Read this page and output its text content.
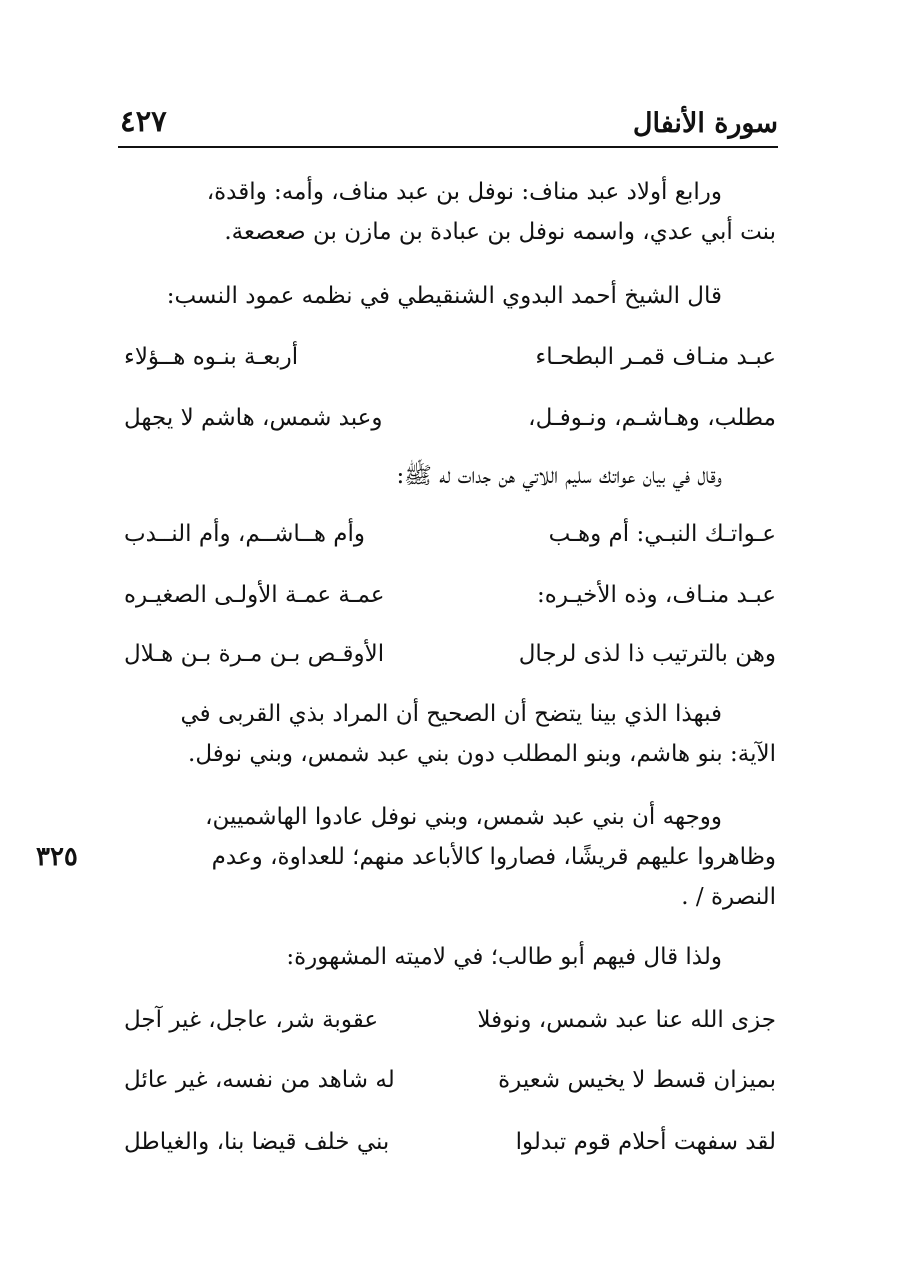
سورة الأنفال
٤٢٧
ورابع أولاد عبد مناف: نوفل بن عبد مناف، وأمه: واقدة،
بنت أبي عدي، واسمه نوفل بن عبادة بن مازن بن صعصعة.
قال الشيخ أحمد البدوي الشنقيطي في نظمه عمود النسب:
عبـد منـاف قمـر البطحـاء
أربعـة بنـوه هــؤلاء
مطلب، وهـاشـم، ونـوفـل،
وعبد شمس، هاشم لا يجهل
وقال في بيان عواتك سليم اللاتي هن جدات له ﷺ:
عـواتـك النبـي: أم وهـب
وأم هــاشــم، وأم النــدب
عبـد منـاف، وذه الأخيـره:
عمـة عمـة الأولـى الصغيـره
وهن بالترتيب ذا لذى لرجال
الأوقـص بـن مـرة بـن هـلال
فبهذا الذي بينا يتضح أن الصحيح أن المراد بذي القربى في
الآية: بنو هاشم، وبنو المطلب دون بني عبد شمس، وبني نوفل.
ووجهه أن بني عبد شمس، وبني نوفل عادوا الهاشميين،
وظاهروا عليهم قريشًا، فصاروا كالأباعد منهم؛ للعداوة، وعدم
النصرة / .
٣٢٥
ولذا قال فيهم أبو طالب؛ في لاميته المشهورة:
جزى الله عنا عبد شمس، ونوفلا
عقوبة شر، عاجل، غير آجل
بميزان قسط لا يخيس شعيرة
له شاهد من نفسه، غير عائل
لقد سفهت أحلام قوم تبدلوا
بني خلف قيضا بنا، والغياطل
